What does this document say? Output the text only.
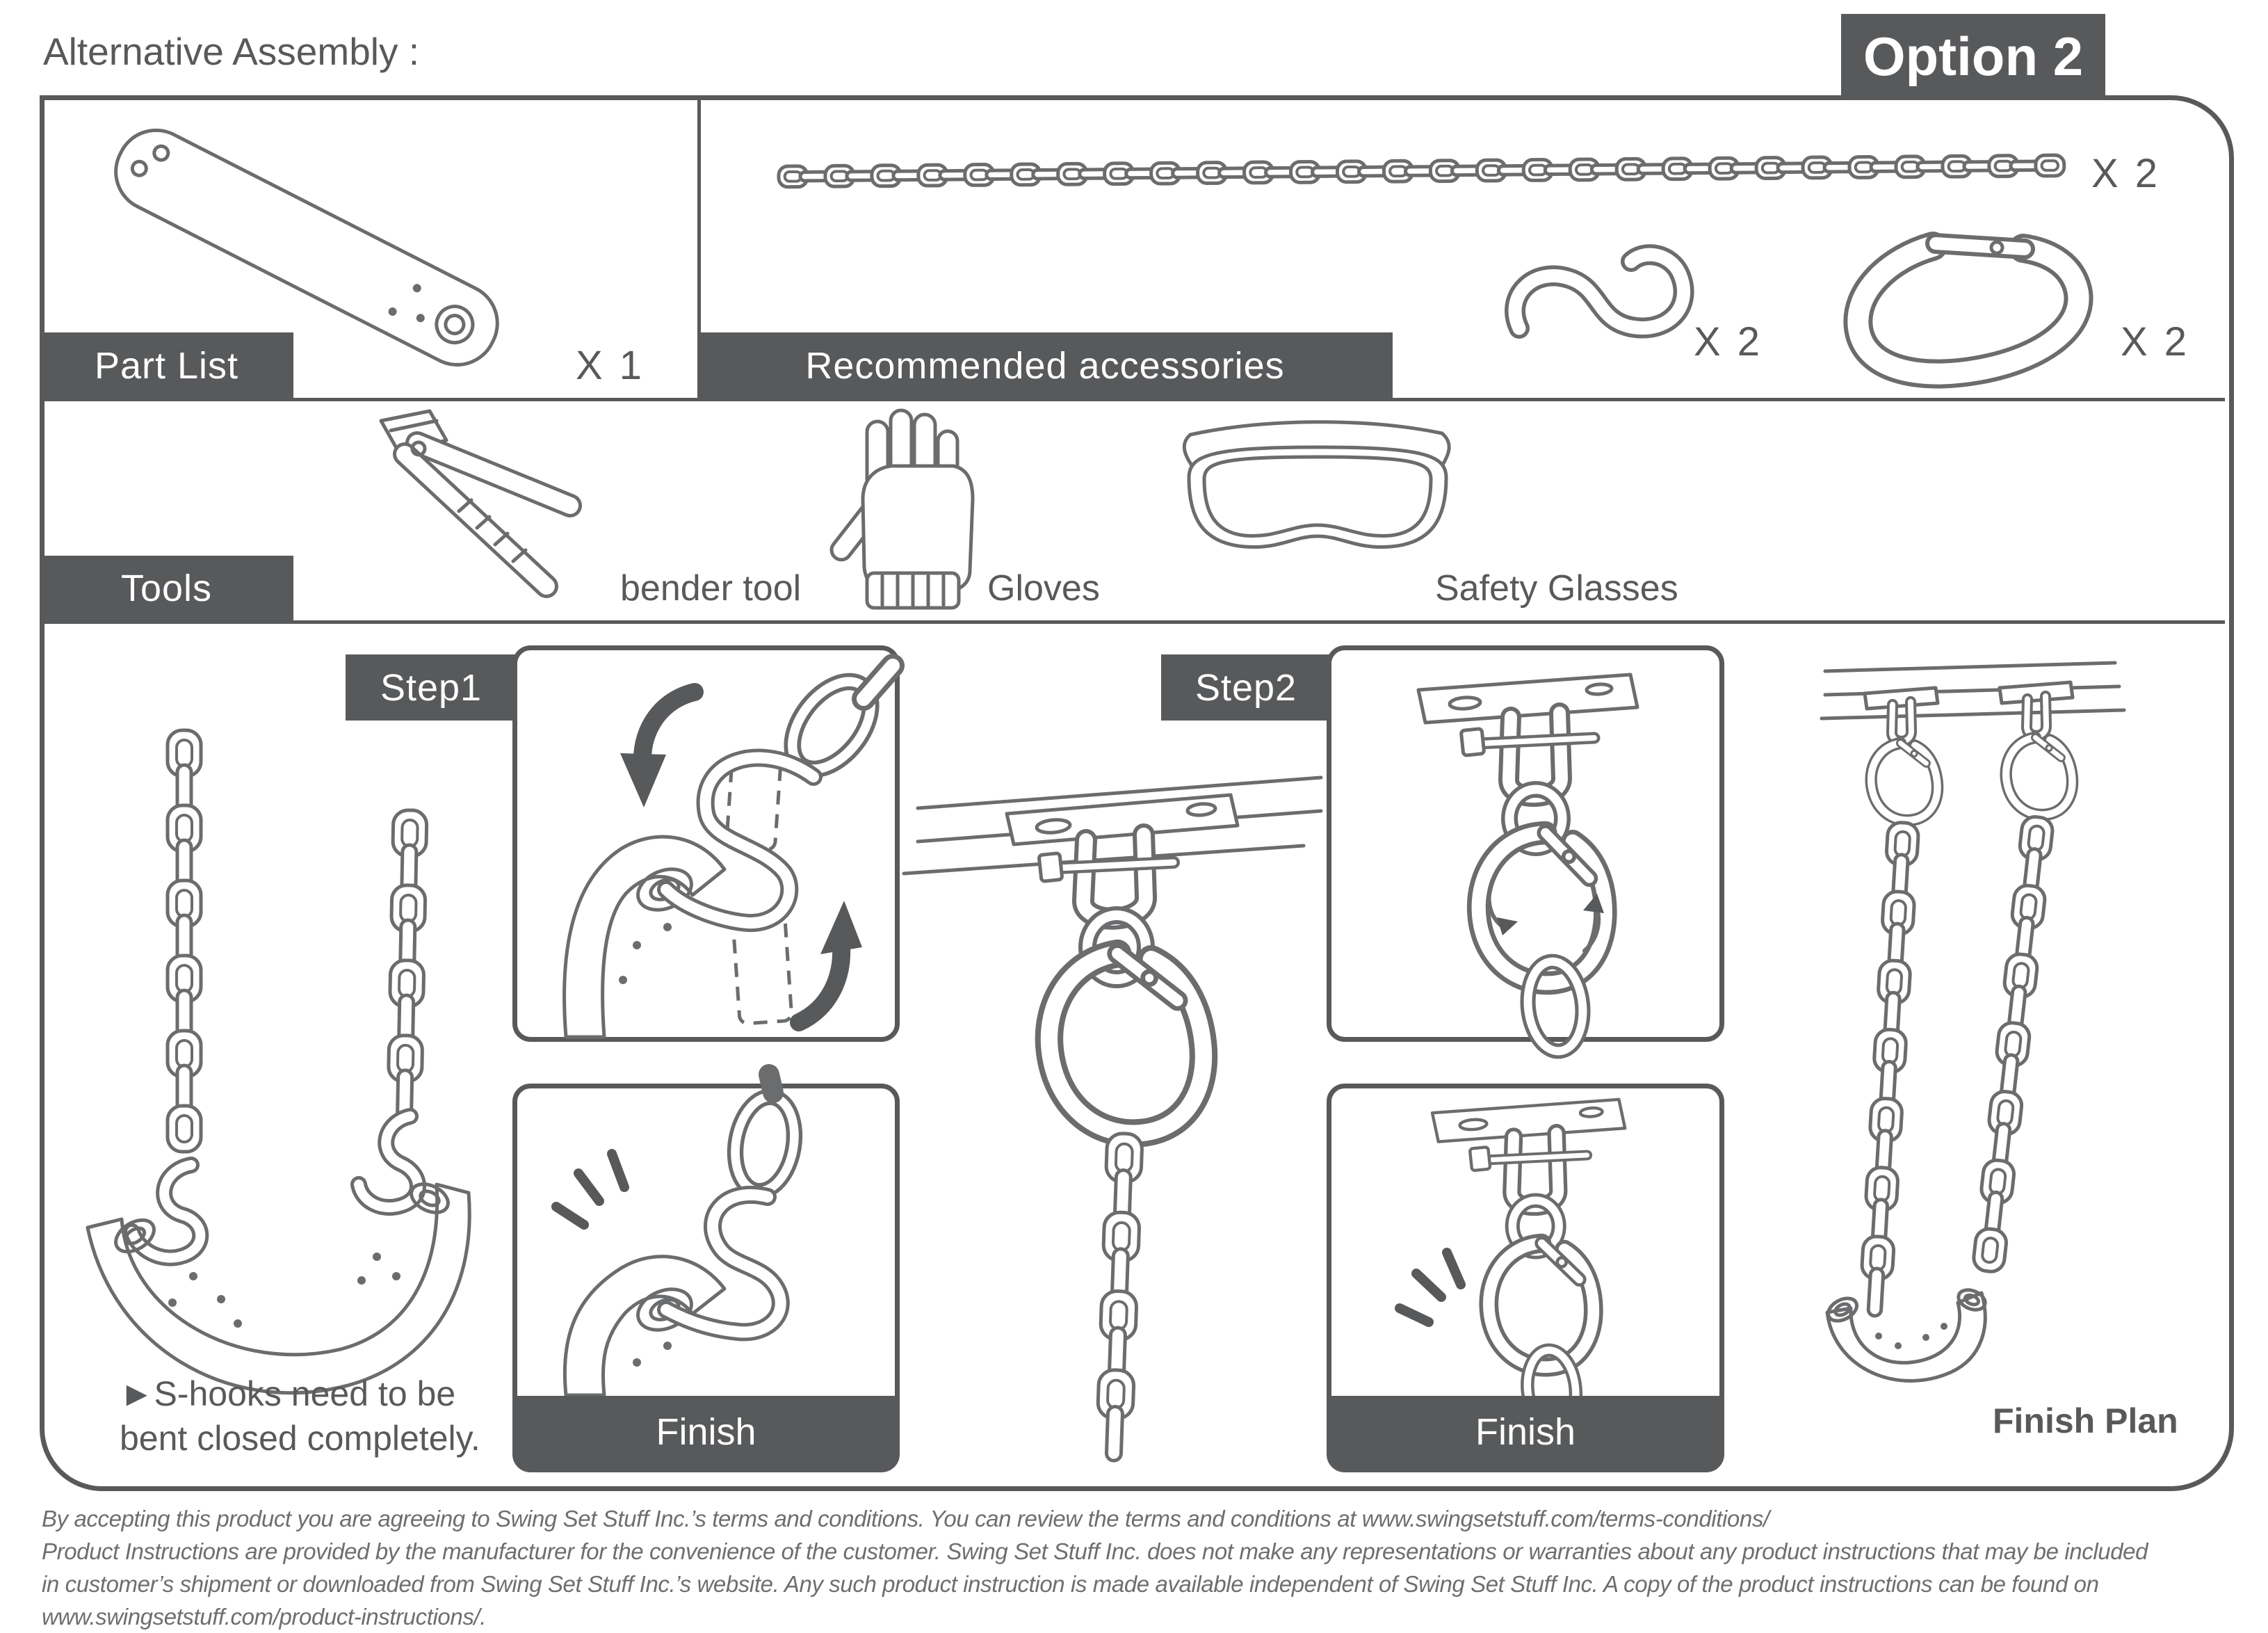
Alternative Assembly :	Option 2
Part List	Recommended accessories
Tools
Step1	Step2
X 1
X 2
X 2	X 2
bender tool	Gloves	Safety Glasses
Finish	Finish
►S-hooks need to be
bent closed completely.	Finish Plan
By accepting this product you are agreeing to Swing Set Stuff Inc.’s terms and conditions. You can review the terms and conditions at www.swingsetstuff.com/terms-conditions/
Product Instructions are provided by the manufacturer for the convenience of the customer. Swing Set Stuff Inc. does not make any representations or warranties about any product instructions that may be included
in customer’s shipment or downloaded from Swing Set Stuff Inc.’s website. Any such product instruction is made available independent of Swing Set Stuff Inc. A copy of the product instructions can be found on
www.swingsetstuff.com/product-instructions/.
